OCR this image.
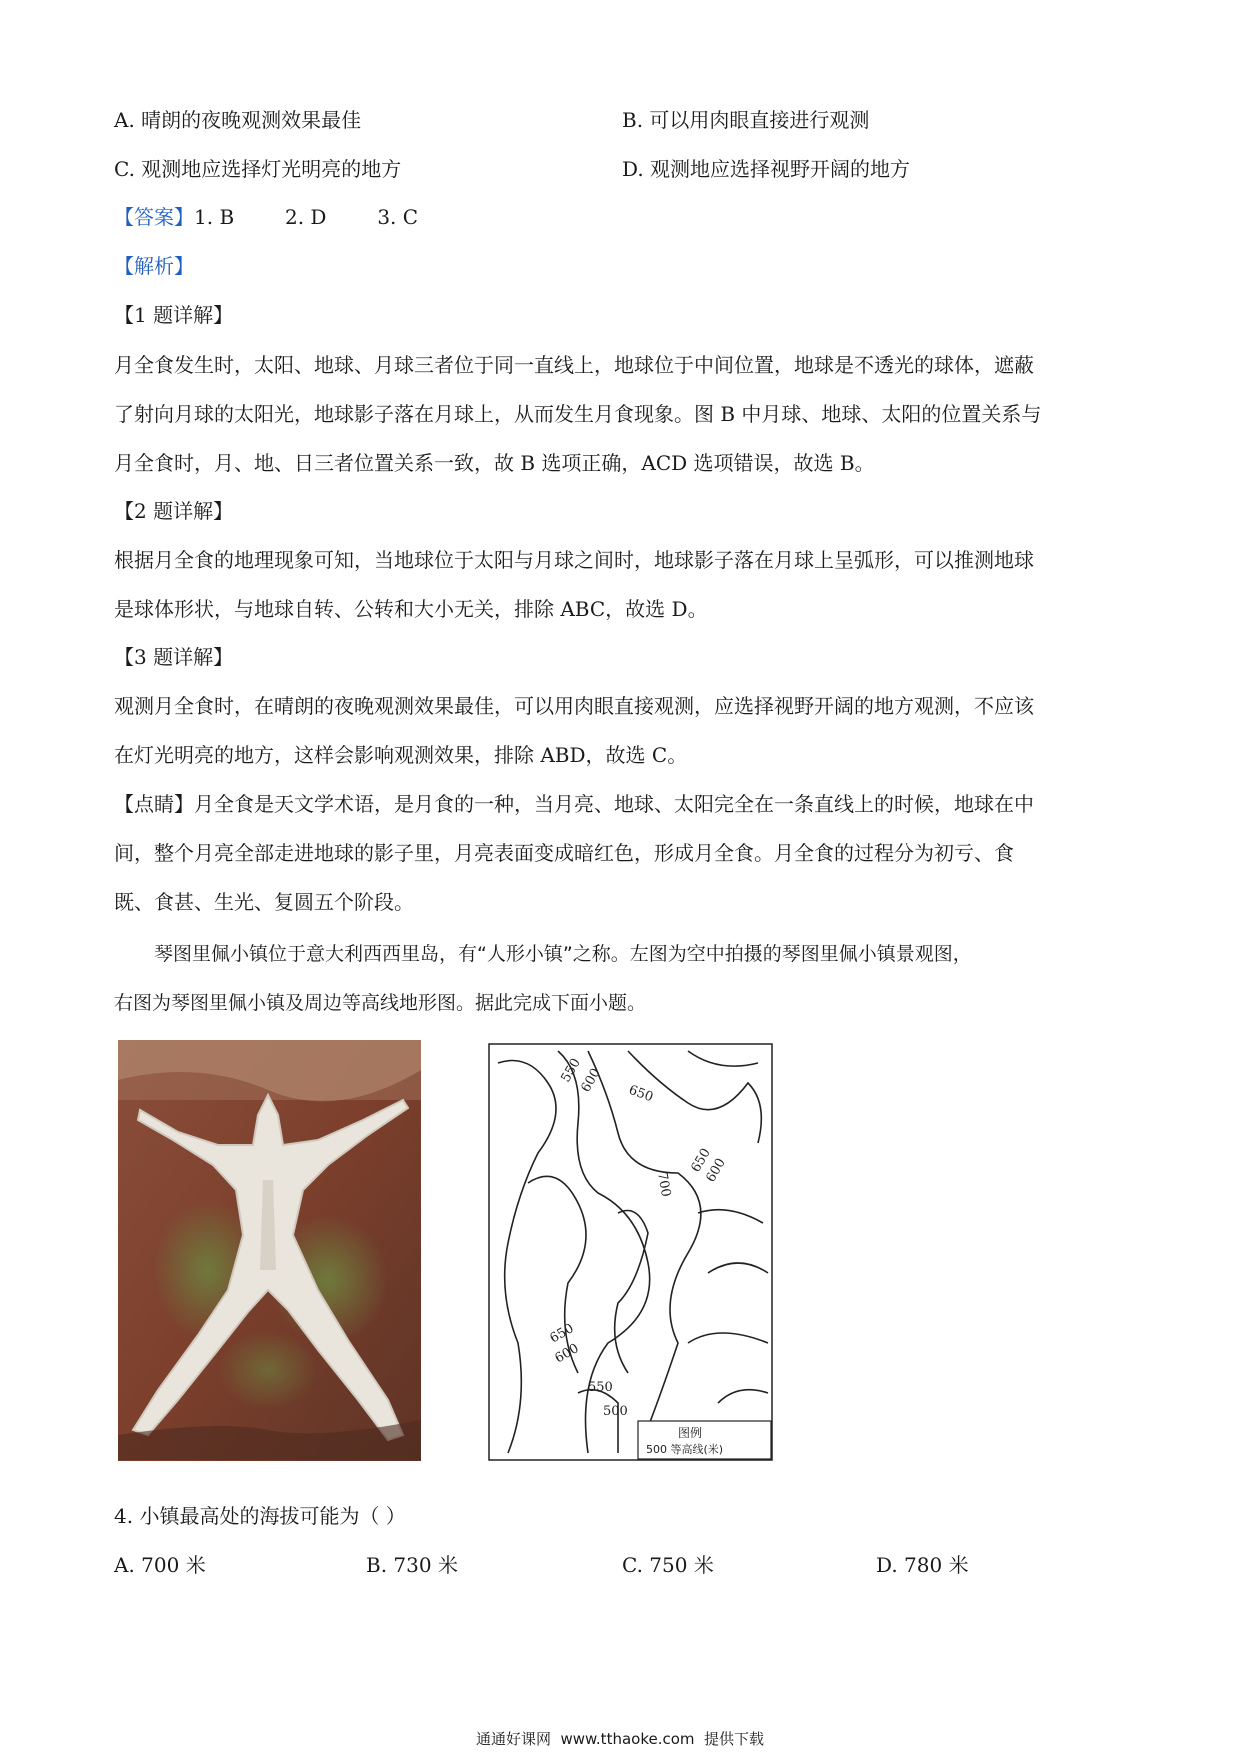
A. 晴朗的夜晚观测效果最佳	B. 可以用肉眼直接进行观测
C. 观测地应选择灯光明亮的地方	D. 观测地应选择视野开阔的地方
【答案】1. B        2. D        3. C
【解析】
【1 题详解】
月全食发生时，太阳、地球、月球三者位于同一直线上，地球位于中间位置，地球是不透光的球体，遮蔽
了射向月球的太阳光，地球影子落在月球上，从而发生月食现象。图 B 中月球、地球、太阳的位置关系与
月全食时，月、地、日三者位置关系一致，故 B 选项正确，ACD 选项错误，故选 B。
【2 题详解】
根据月全食的地理现象可知，当地球位于太阳与月球之间时，地球影子落在月球上呈弧形，可以推测地球
是球体形状，与地球自转、公转和大小无关，排除 ABC，故选 D。
【3 题详解】
观测月全食时，在晴朗的夜晚观测效果最佳，可以用肉眼直接观测，应选择视野开阔的地方观测，不应该
在灯光明亮的地方，这样会影响观测效果，排除 ABD，故选 C。
【点睛】月全食是天文学术语，是月食的一种，当月亮、地球、太阳完全在一条直线上的时候，地球在中
间，整个月亮全部走进地球的影子里，月亮表面变成暗红色，形成月全食。月全食的过程分为初亏、食
既、食甚、生光、复圆五个阶段。
琴图里佩小镇位于意大利西西里岛，有“人形小镇”之称。左图为空中拍摄的琴图里佩小镇景观图，
右图为琴图里佩小镇及周边等高线地形图。据此完成下面小题。
550
600 650
650
600
700
650
600
550
500
图例
500 等高线(米)
4. 小镇最高处的海拔可能为（ ）
A. 700 米	B. 730 米	C. 750 米	D. 780 米
通通好课网  www.tthaoke.com  提供下载
